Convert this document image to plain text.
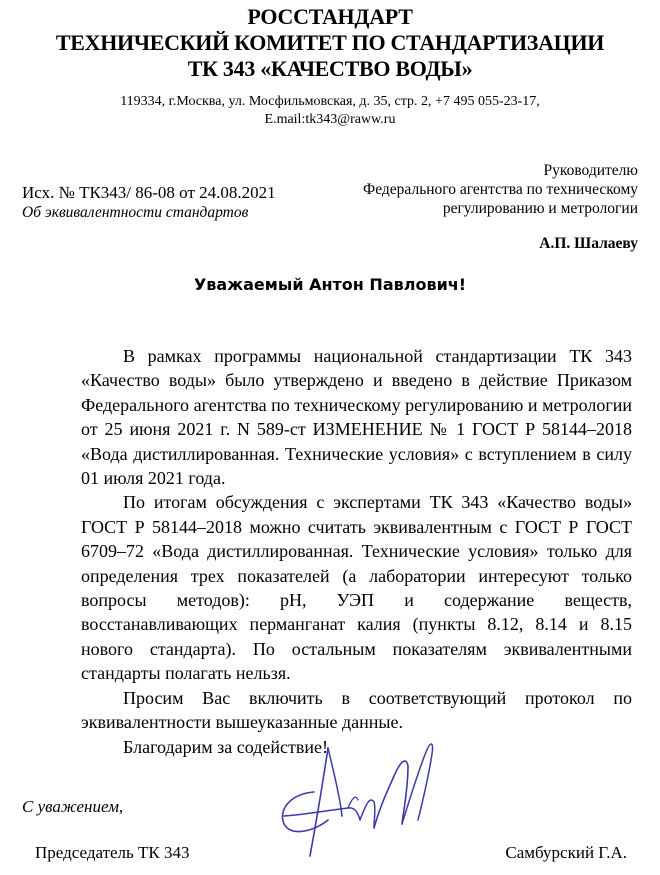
РОССТАНДАРТ
ТЕХНИЧЕСКИЙ КОМИТЕТ ПО СТАНДАРТИЗАЦИИ
ТК 343 «КАЧЕСТВО ВОДЫ»
119334, г.Москва, ул. Мосфильмовская, д. 35, стр. 2, +7 495 055-23-17,
E.mail:tk343@raww.ru
Руководителю
Федерального агентства по техническому
регулированию и метрологии
А.П. Шалаеву
Исх. № ТК343/ 86-08 от 24.08.2021
Об эквивалентности стандартов
Уважаемый Антон Павлович!

В рамках программы национальной стандартизации ТК 343 «Качество воды» было утверждено и введено в действие Приказом Федерального агентства по техническому регулированию и метрологии от 25 июня 2021 г. N 589-ст ИЗМЕНЕНИЕ № 1 ГОСТ Р 58144–2018 «Вода дистиллированная. Технические условия» с вступлением в силу 01 июля 2021 года.

По итогам обсуждения с экспертами ТК 343 «Качество воды» ГОСТ Р 58144–2018 можно считать эквивалентным с ГОСТ Р ГОСТ 6709–72 «Вода дистиллированная. Технические условия» только для определения трех показателей (а лаборатории интересуют только вопросы методов): pH, УЭП и содержание веществ, восстанавливающих перманганат калия (пункты 8.12, 8.14 и 8.15 нового стандарта). По остальным показателям эквивалентными стандарты полагать нельзя.

Просим Вас включить в соответствующий протокол по эквивалентности вышеуказанные данные.

Благодарим за содействие!

С уважением,
Председатель ТК 343	Самбурский Г.А.
